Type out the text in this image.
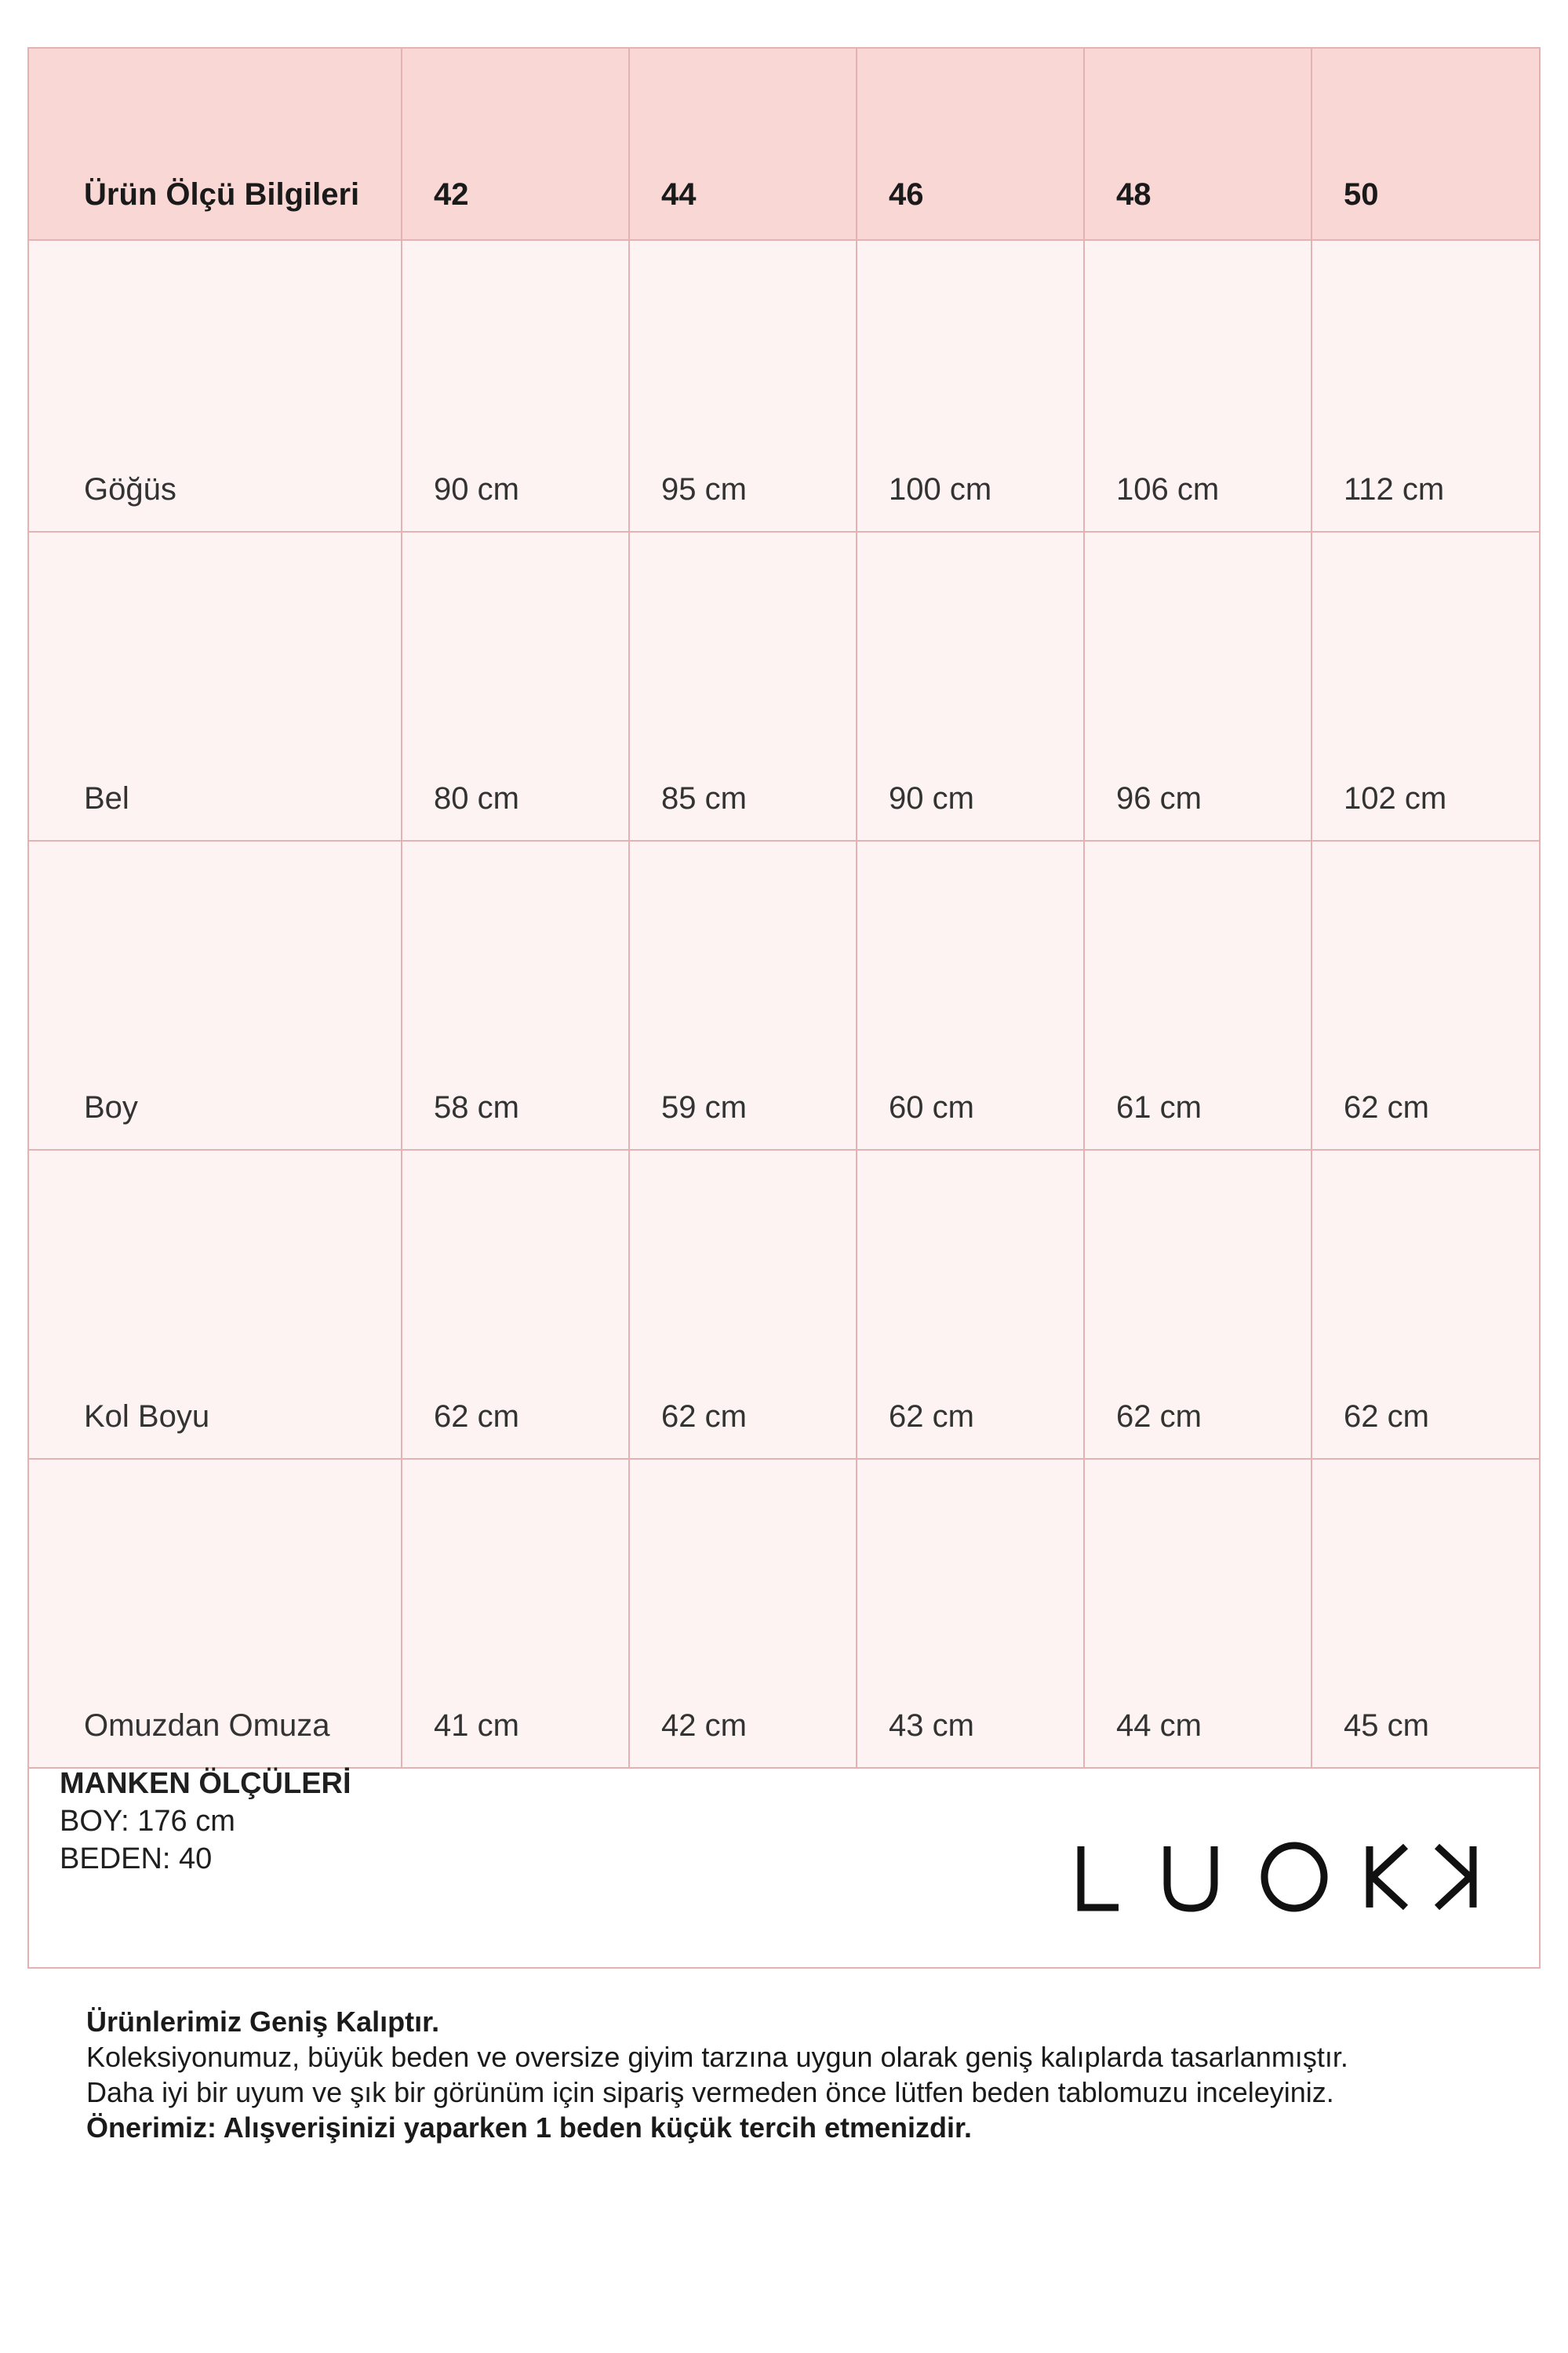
Ürün Ölçü Bilgileri	42	44	46	48	50
Göğüs	90 cm	95 cm	100 cm	106 cm	112 cm
Bel	80 cm	85 cm	90 cm	96 cm	102 cm
Boy	58 cm	59 cm	60 cm	61 cm	62 cm
Kol Boyu	62 cm	62 cm	62 cm	62 cm	62 cm
Omuzdan Omuza	41 cm	42 cm	43 cm	44 cm	45 cm
MANKEN ÖLÇÜLERİ
BOY: 176 cm
BEDEN: 40
Ürünlerimiz Geniş Kalıptır.
Koleksiyonumuz, büyük beden ve oversize giyim tarzına uygun olarak geniş kalıplarda tasarlanmıştır.
Daha iyi bir uyum ve şık bir görünüm için sipariş vermeden önce lütfen beden tablomuzu inceleyiniz.
Önerimiz: Alışverişinizi yaparken 1 beden küçük tercih etmenizdir.
